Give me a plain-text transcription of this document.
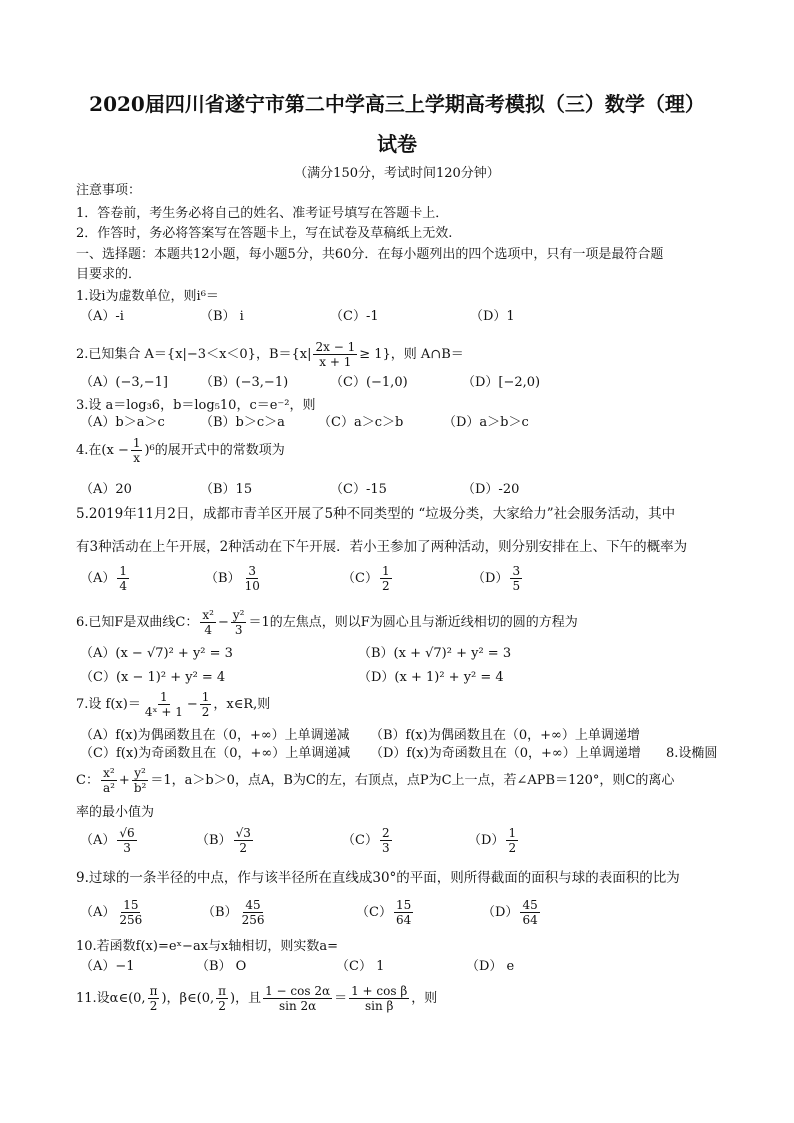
2020届四川省遂宁市第二中学高三上学期高考模拟（三）数学（理）
试卷
（满分150分，考试时间120分钟）
注意事项：
1．答卷前，考生务必将自己的姓名、准考证号填写在答题卡上．
2．作答时，务必将答案写在答题卡上，写在试卷及草稿纸上无效.
一、选择题：本题共12小题，每小题5分，共60分．在每小题列出的四个选项中，只有一项是最符合题
目要求的．
1.设i为虚数单位，则i⁶＝
（A）-i	（B） i	（C）-1	（D）1
2.已知集合 A＝{x|−3＜x＜0}，$B=\{x| \frac{2x - 1}{x + 1} \ge 1\}$，则 A∩B＝
（A）(−3,−1] （B）(−3,−1)	（C）(−1,0)	（D）[−2,0)
3.设 a＝log₃6，b＝log₅10，c＝e⁻²，则
（A）b＞a＞c	（B）b＞c＞a	（C）a＞c＞b	（D）a＞b＞c
4.在$(x - \frac{1}{x} )^6$的展开式中的常数项为
（A）20	（B）15	（C）-15	（D）-20
5.2019年11月2日，成都市青羊区开展了5种不同类型的 “垃圾分类，大家给力”社会服务活动，其中
有3种活动在上午开展，2种活动在下午开展．若小王参加了两种活动，则分别安排在上、下午的概率为
$(A) \frac{1}{4}$	$(B) \frac{3}{10}$	$(C) \frac{1}{2}$	$(D) \frac{3}{5}$
6.已知F是双曲线C： $\frac{\text{x²}}{4} - \frac{\text{y²}}{3} =1$的左焦点，则以F为圆心且与渐近线相切的圆的方程为
（A）(x − √7)² + y² = 3	（B）(x + √7)² + y² = 3
（C）(x − 1)² + y² = 4	（D）(x + 1)² + y² = 4
7.设 $f(x)= \frac{1}{\text{4ˣ + 1}} - \frac{1}{2}$ ，x∈R,则
（A）f(x)为偶函数且在（0，+∞）上单调递减 （B）f(x)为偶函数且在（0，+∞）上单调递增
（C）f(x)为奇函数且在（0，+∞）上单调递减 （D）f(x)为奇函数且在（0，+∞）上单调递增 8.设椭圆
C： $\frac{\text{x²}}{\text{a²}} + \frac{\text{y²}}{\text{b²}} =1$，a＞b＞0，点A，B为C的左，右顶点，点P为C上一点，若∠APB＝120°，则C的离心
率的最小值为
$(A) \frac{√6}{3}$	$(B) \frac{√3}{2}$	$(C) \frac{2}{3}$	$(D) \frac{1}{2}$
9.过球的一条半径的中点，作与该半径所在直线成30°的平面，则所得截面的面积与球的表面积的比为
$(A) \frac{15}{256}$	$(B) \frac{45}{256}$	$(C) \frac{15}{64}$	$(D) \frac{45}{64}$
10.若函数f(x)=eˣ−ax与x轴相切，则实数a=
（A）−1	（B） O	（C） 1	（D） e
11.设α∈(0, $\frac{\pi}{2}$ )，β∈(0, $\frac{\pi}{2}$ )，且 $\frac{1 - \cos 2\alpha}{\sin 2\alpha} = \frac{\text{1 + cos β}}{\text{sin β}}$ ，则
